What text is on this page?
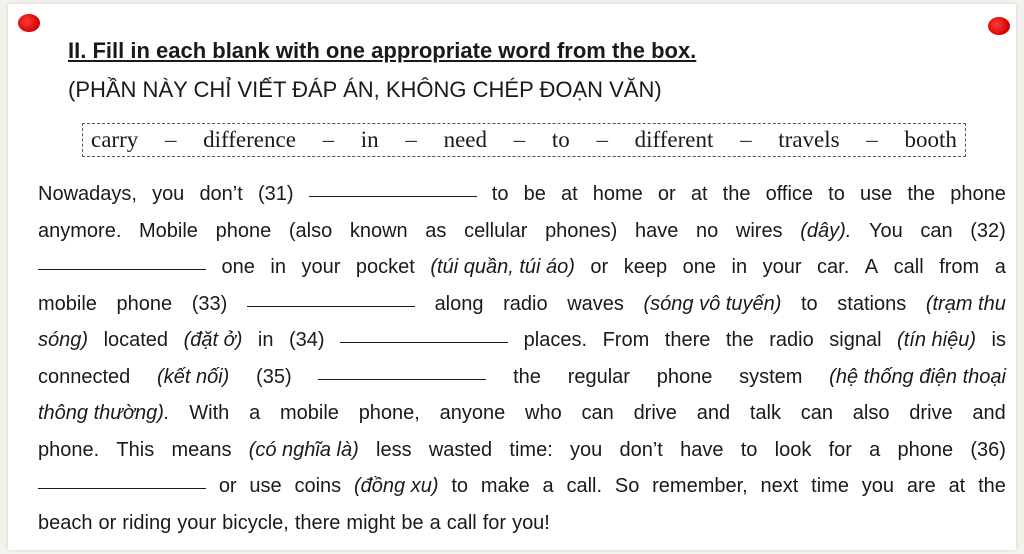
II. Fill in each blank with one appropriate word from the box.
(PHẦN NÀY CHỈ VIẾT ĐÁP ÁN, KHÔNG CHÉP ĐOẠN VĂN)
carry – difference – in – need – to – different – travels – booth
Nowadays, you don’t (31)	to be at home or at the office to use the phone
anymore. Mobile phone (also known as cellular phones) have no wires (dây). You can (32)
one in your pocket (túi quần, túi áo) or keep one in your car. A call from a
mobile phone (33)	along radio waves (sóng vô tuyến) to stations (trạm thu
sóng) located (đặt ở) in (34)	places. From there the radio signal (tín hiệu) is
connected (kết nối) (35)	the regular phone system (hệ thống điện thoại
thông thường). With a mobile phone, anyone who can drive and talk can also drive and
phone. This means (có nghĩa là) less wasted time: you don’t have to look for a phone (36)
or use coins (đồng xu) to make a call. So remember, next time you are at the
beach or riding your bicycle, there might be a call for you!
